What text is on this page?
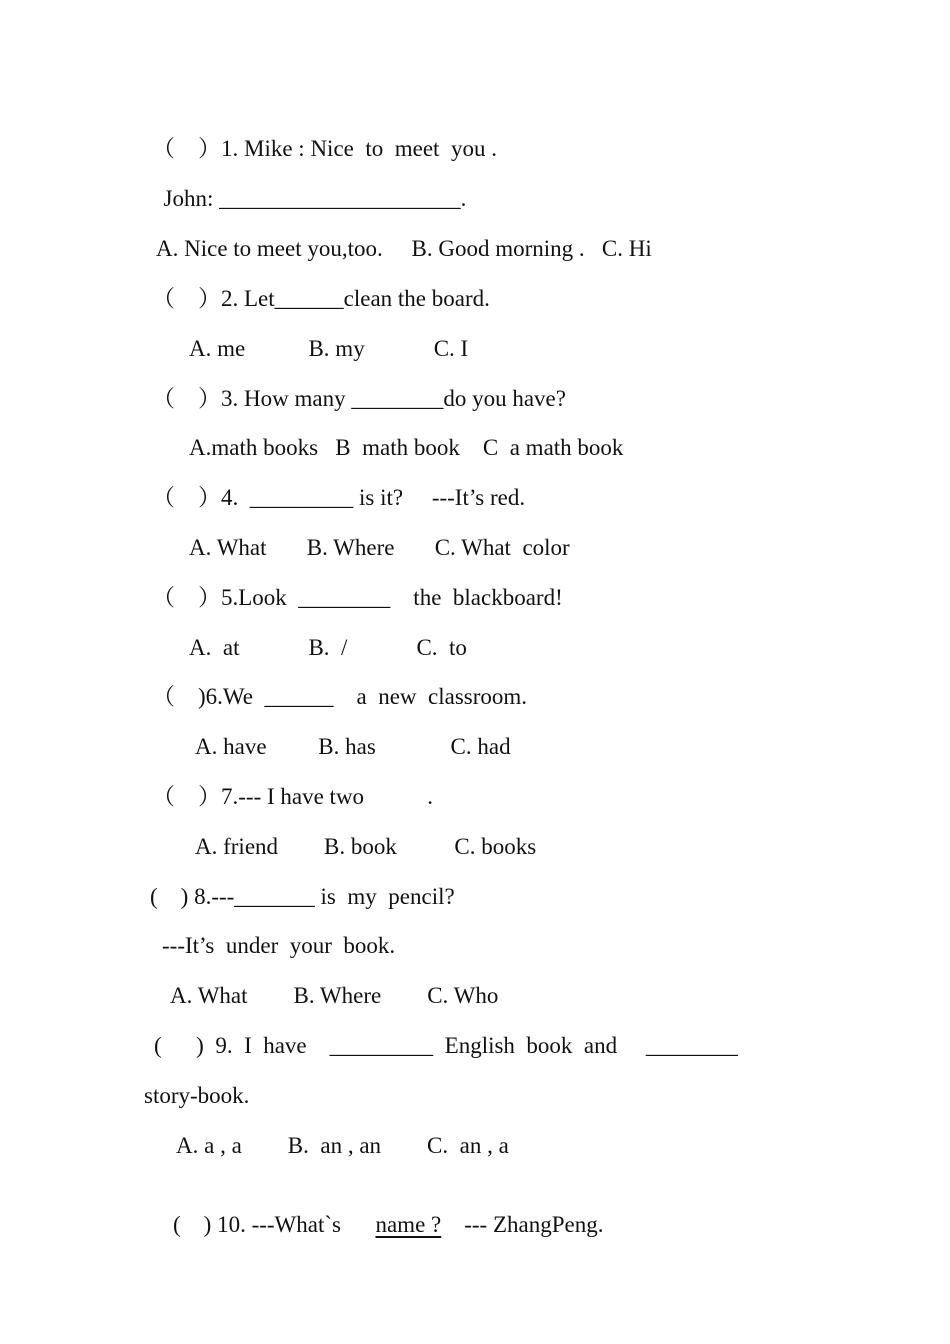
（　）1. Mike : Nice  to  meet  you .
John: _____________________.
A. Nice to meet you,too.     B. Good morning .   C. Hi
（　）2. Let______clean the board.
A. me           B. my            C. I
（　）3. How many ________do you have?
A.math books   B  math book    C  a math book
（　）4.  _________ is it?     ---It’s red.
A. What       B. Where       C. What  color
（　）5.Look  ________    the  blackboard!
A.  at            B.  /            C.  to
（　)6.We  ______    a  new  classroom.
A. have         B. has             C. had
（　）7.--- I have two           .
A. friend        B. book          C. books
(    ) 8.---_______ is  my  pencil?
---It’s  under  your  book.
A. What        B. Where        C. Who
(      )  9.  I  have    _________  English  book  and     ________
story-book.
A. a , a        B.  an , an        C.  an , a

(    ) 10. ---What`s      name ?    --- ZhangPeng.
